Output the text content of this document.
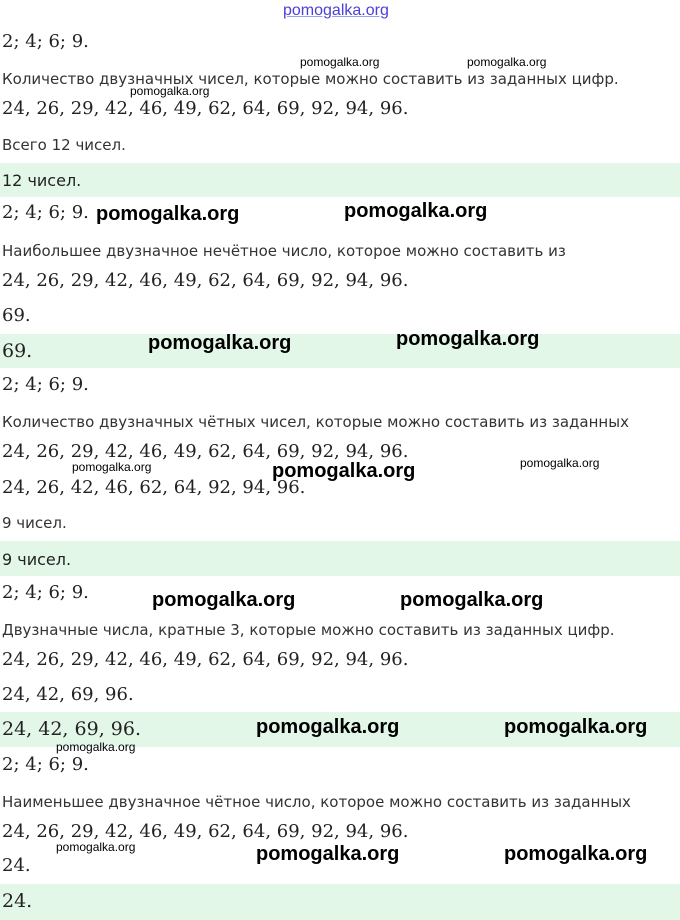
pomogalka.org
2; 4; 6; 9.
Количество двузначных чисел, которые можно составить из заданных цифр.
24, 26, 29, 42, 46, 49, 62, 64, 69, 92, 94, 96.
Всего 12 чисел.
12 чисел.
2; 4; 6; 9.
Наибольшее двузначное нечётное число, которое можно составить из
24, 26, 29, 42, 46, 49, 62, 64, 69, 92, 94, 96.
69.
69.
2; 4; 6; 9.
Количество двузначных чётных чисел, которые можно составить из заданных
24, 26, 29, 42, 46, 49, 62, 64, 69, 92, 94, 96.
24, 26, 42, 46, 62, 64, 92, 94, 96.
9 чисел.
9 чисел.
2; 4; 6; 9.
Двузначные числа, кратные 3, которые можно составить из заданных цифр.
24, 26, 29, 42, 46, 49, 62, 64, 69, 92, 94, 96.
24, 42, 69, 96.
24, 42, 69, 96.
2; 4; 6; 9.
Наименьшее двузначное чётное число, которое можно составить из заданных
24, 26, 29, 42, 46, 49, 62, 64, 69, 92, 94, 96.
24.
24.
pomogalka.org	pomogalka.org
pomogalka.org
pomogalka.org	pomogalka.org
pomogalka.org	pomogalka.org
pomogalka.org	pomogalka.org	pomogalka.org
pomogalka.org	pomogalka.org
pomogalka.org	pomogalka.org
pomogalka.org
pomogalka.org	pomogalka.org	pomogalka.org
